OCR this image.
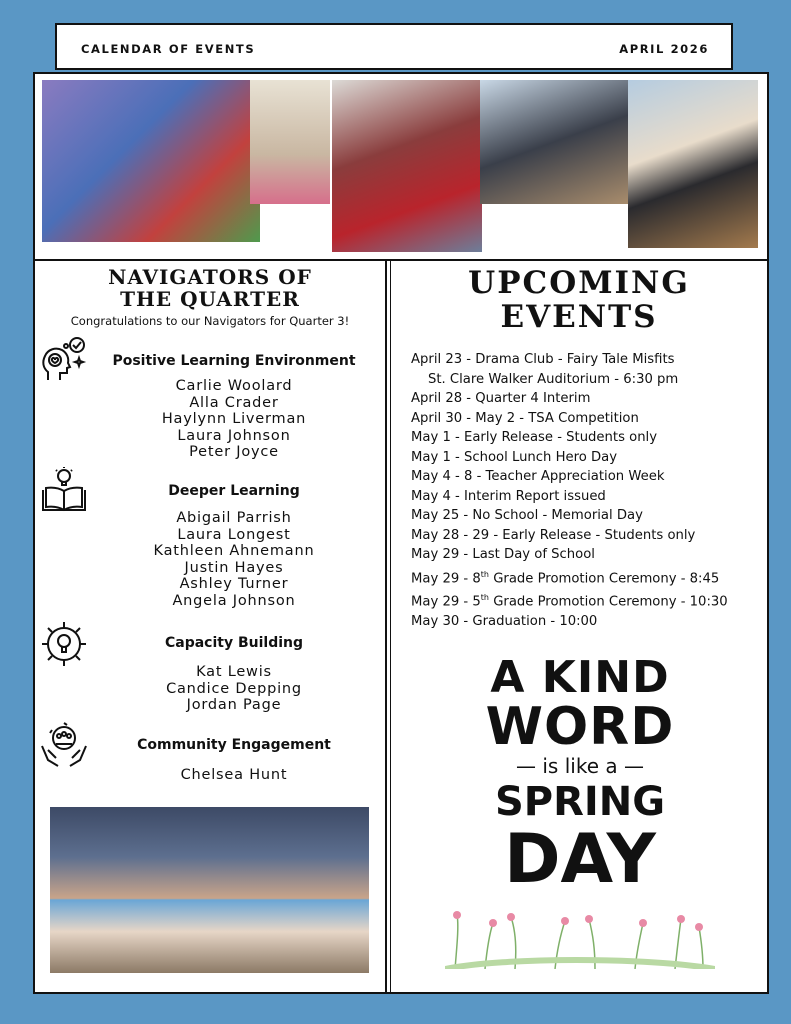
CALENDAR OF EVENTS	APRIL 2026
NAVIGATORS OF
THE QUARTER
Congratulations to our Navigators for Quarter 3!
Positive Learning Environment
Carlie Woolard
Alla Crader
Haylynn Liverman
Laura Johnson
Peter Joyce
Deeper Learning
Abigail Parrish
Laura Longest
Kathleen Ahnemann
Justin Hayes
Ashley Turner
Angela Johnson
Capacity Building
Kat Lewis
Candice Depping
Jordan Page
Community Engagement
Chelsea Hunt
UPCOMING
EVENTS
April 23 - Drama Club - Fairy Tale Misfits
St. Clare Walker Auditorium - 6:30 pm
April 28 - Quarter 4 Interim
April 30 - May 2 - TSA Competition
May 1 - Early Release - Students only
May 1 - School Lunch Hero Day
May 4 - 8 - Teacher Appreciation Week
May 4 - Interim Report issued
May 25 - No School - Memorial Day
May 28 - 29 - Early Release - Students only
May 29 - Last Day of School
May 29 - 8th Grade Promotion Ceremony - 8:45
May 29 - 5th Grade Promotion Ceremony - 10:30
May 30 - Graduation - 10:00
A KIND
WORD
— is like a —
SPRING
DAY
